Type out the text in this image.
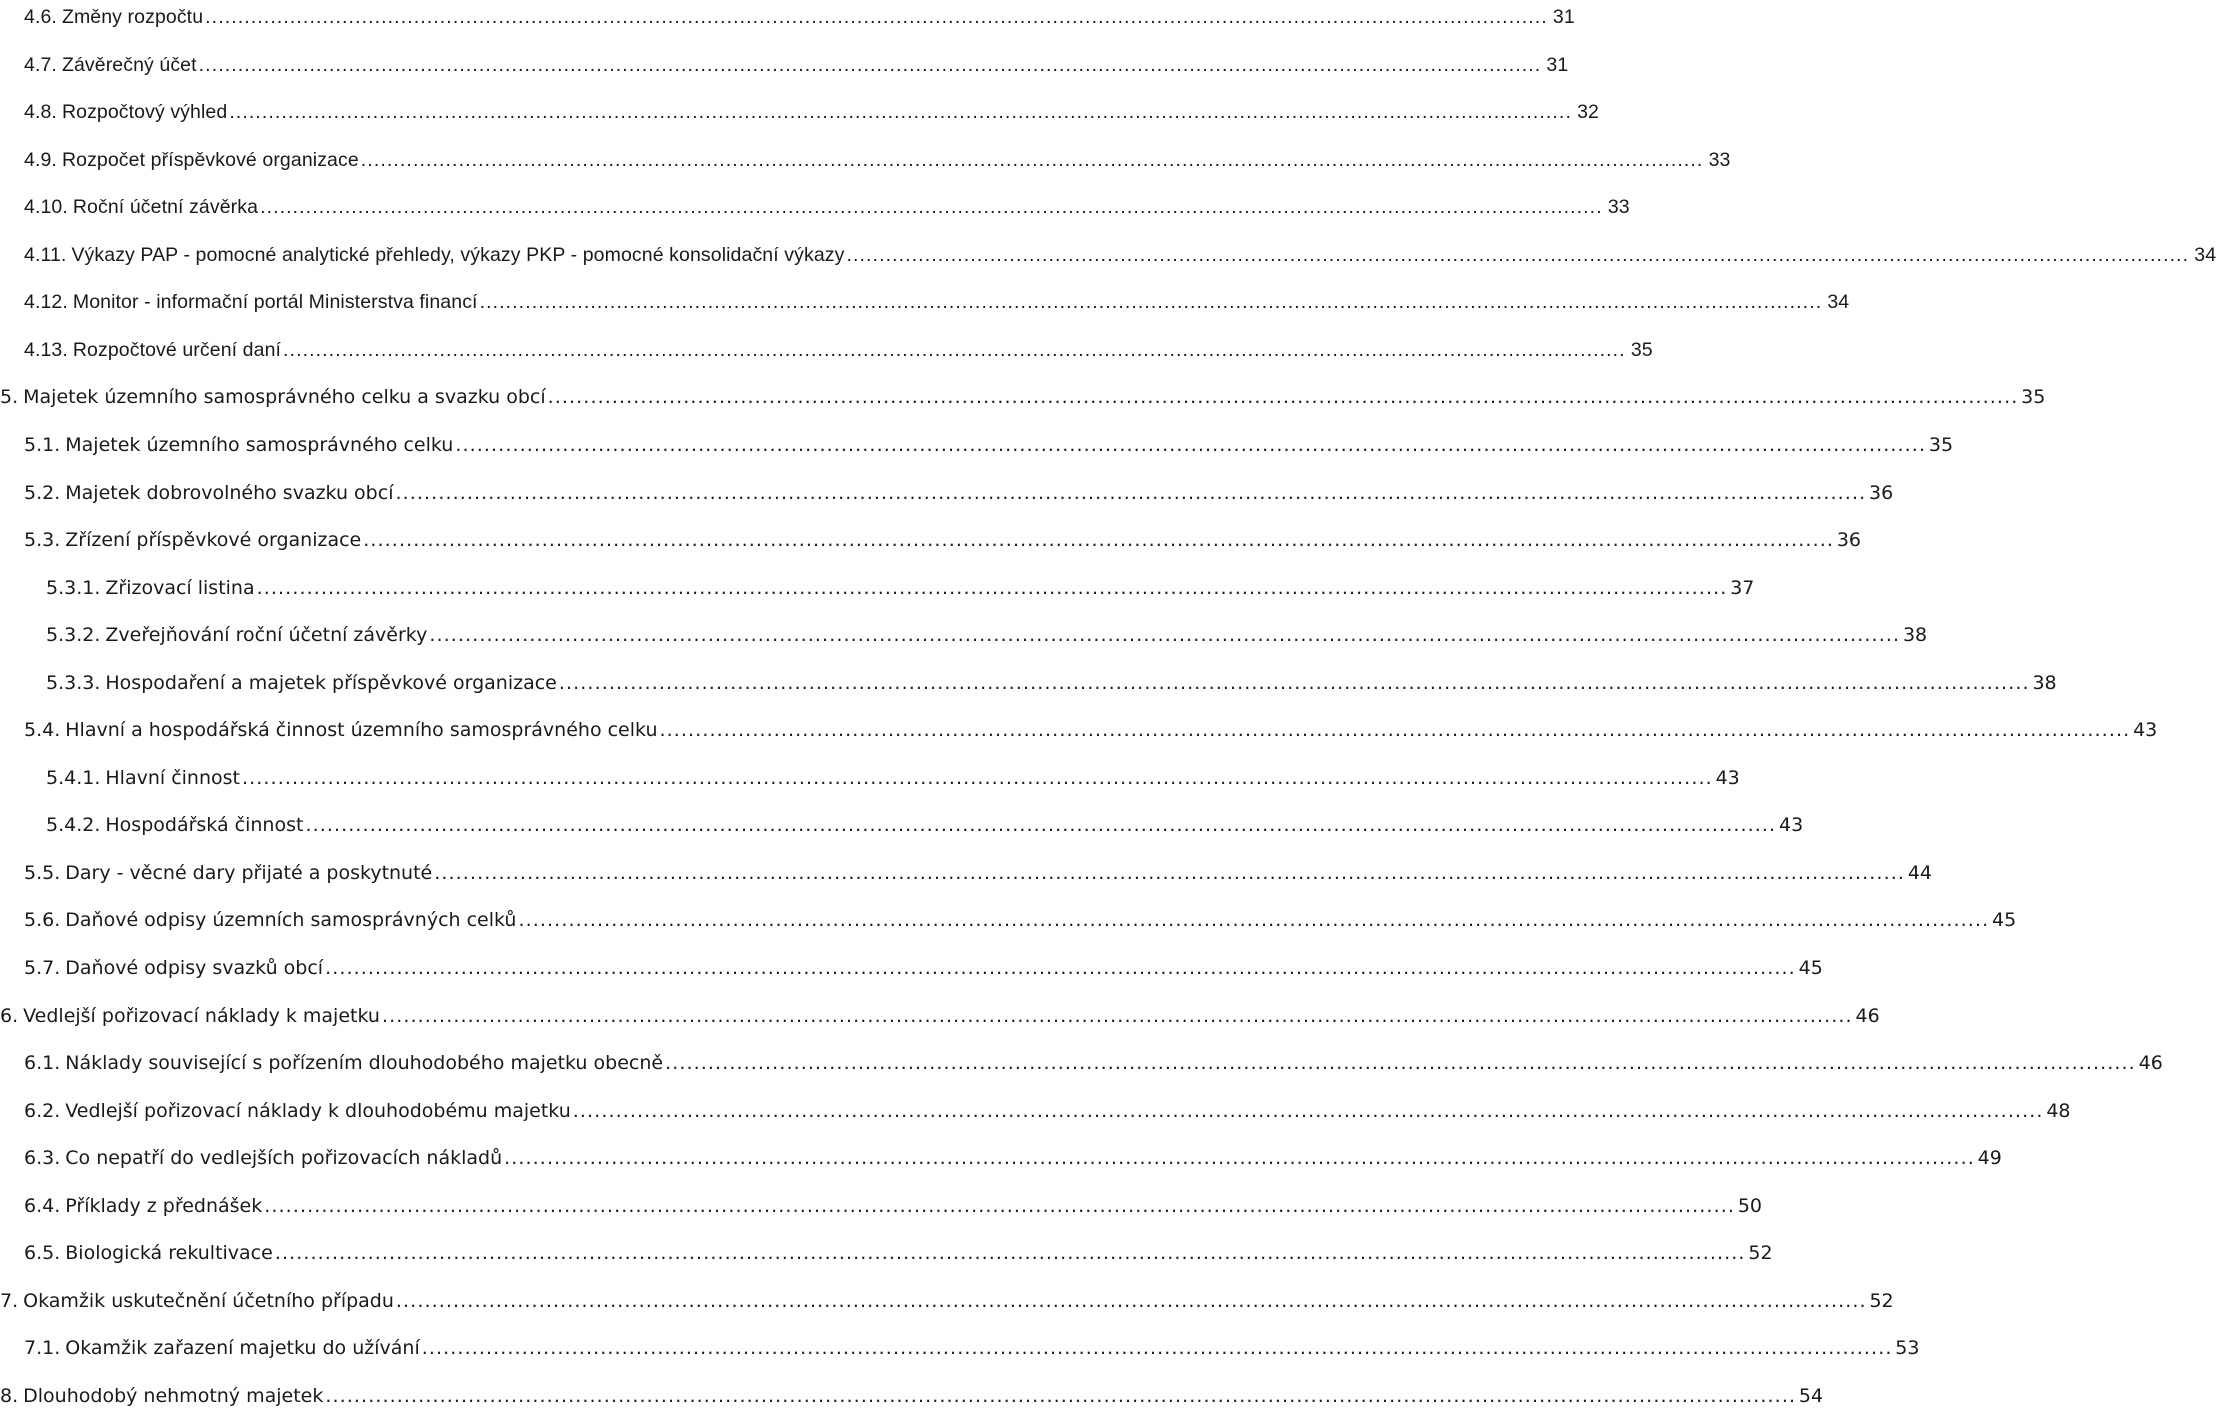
4.6. Změny rozpočtu .....	31
4.7. Závěrečný účet .....	31
4.8. Rozpočtový výhled .....	32
4.9. Rozpočet příspěvkové organizace .....	33
4.10. Roční účetní závěrka .....	33
4.11. Výkazy PAP - pomocné analytické přehledy, výkazy PKP - pomocné konsolidační výkazy .....	34
4.12. Monitor - informační portál Ministerstva financí .....	34
4.13. Rozpočtové určení daní .....	35
5. Majetek územního samosprávného celku a svazku obcí .....	35
5.1. Majetek územního samosprávného celku .....	35
5.2. Majetek dobrovolného svazku obcí .....	36
5.3. Zřízení příspěvkové organizace .....	36
5.3.1. Zřizovací listina .....	37
5.3.2. Zveřejňování roční účetní závěrky .....	38
5.3.3. Hospodaření a majetek příspěvkové organizace .....	38
5.4. Hlavní a hospodářská činnost územního samosprávného celku .....	43
5.4.1. Hlavní činnost .....	43
5.4.2. Hospodářská činnost .....	43
5.5. Dary - věcné dary přijaté a poskytnuté .....	44
5.6. Daňové odpisy územních samosprávných celků .....	45
5.7. Daňové odpisy svazků obcí .....	45
6. Vedlejší pořizovací náklady k majetku .....	46
6.1. Náklady související s pořízením dlouhodobého majetku obecně .....	46
6.2. Vedlejší pořizovací náklady k dlouhodobému majetku .....	48
6.3. Co nepatří do vedlejších pořizovacích nákladů .....	49
6.4. Příklady z přednášek .....	50
6.5. Biologická rekultivace .....	52
7. Okamžik uskutečnění účetního případu .....	52
7.1. Okamžik zařazení majetku do užívání .....	53
8. Dlouhodobý nehmotný majetek .....	54
